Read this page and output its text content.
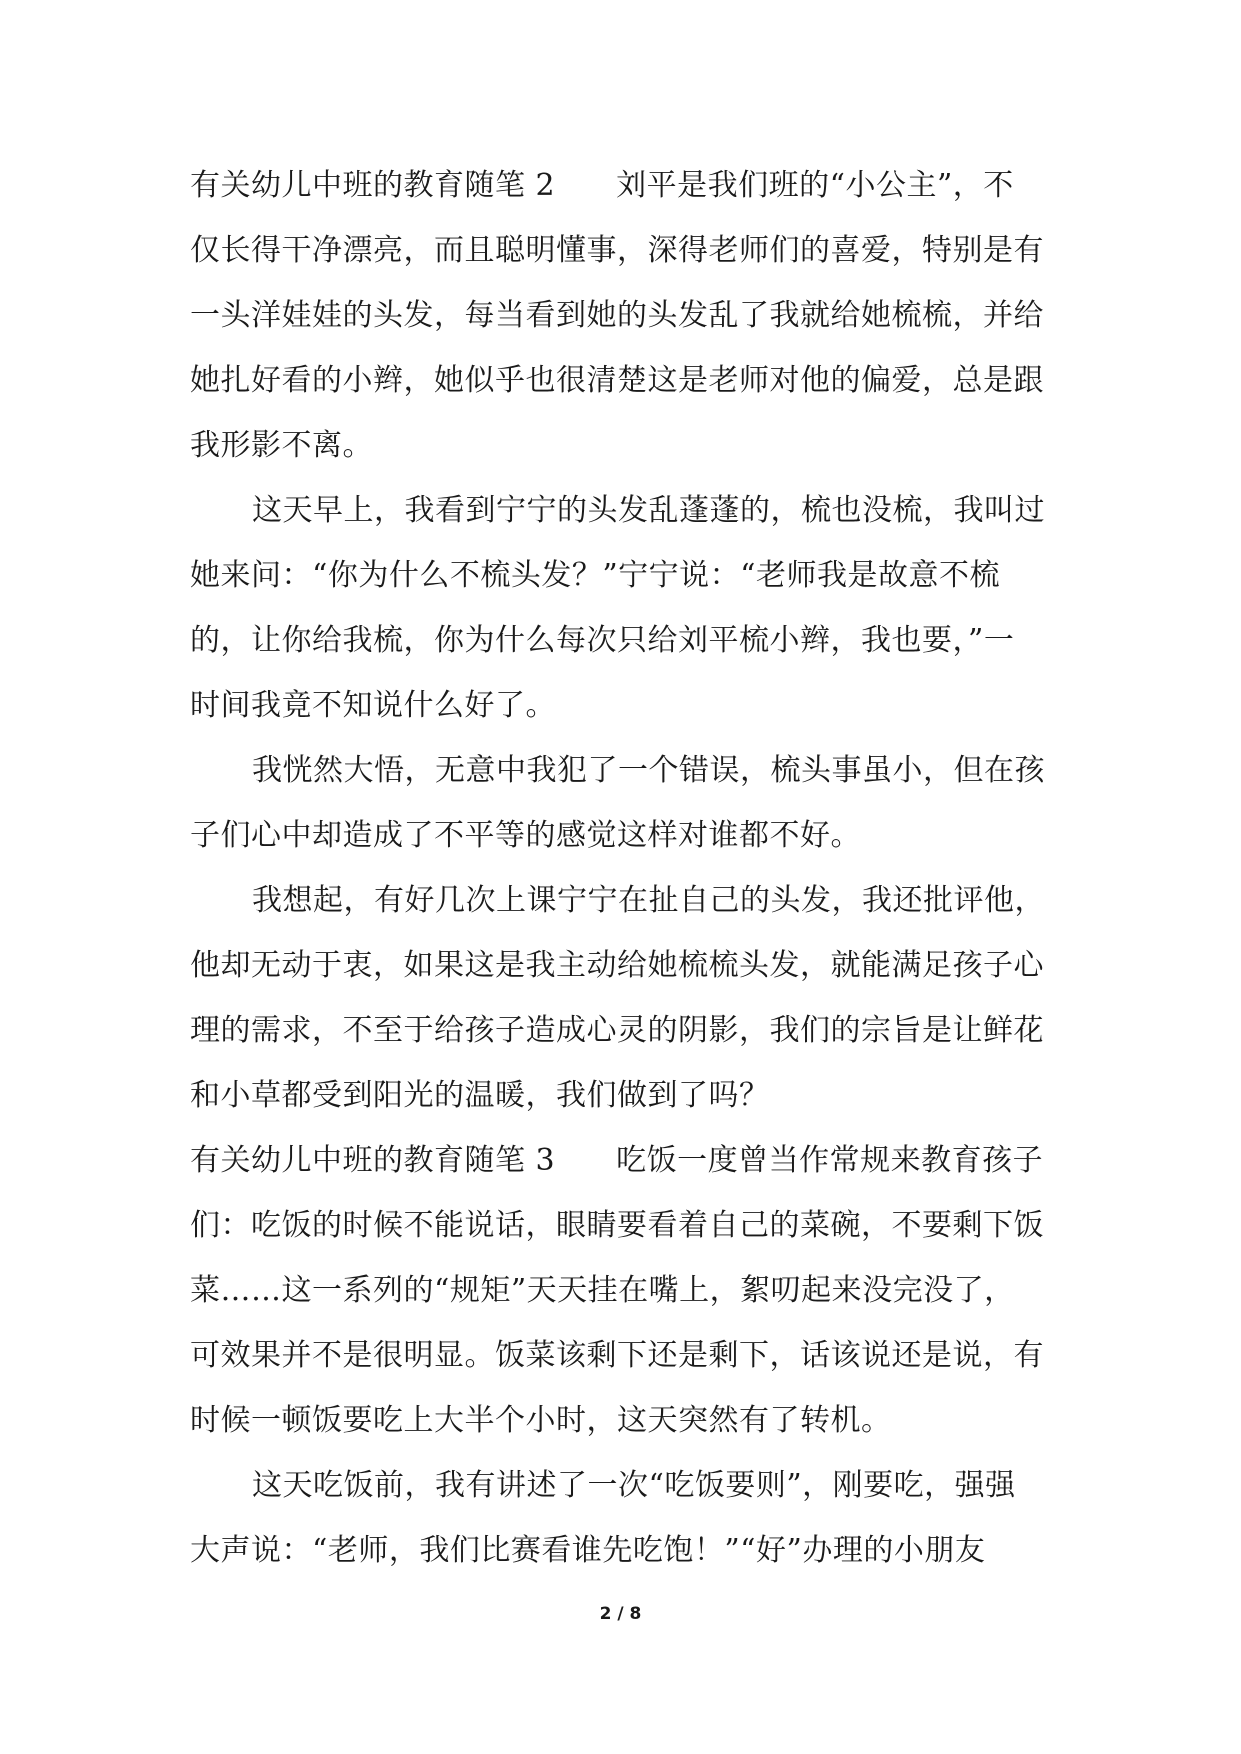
有关幼儿中班的教育随笔 2　　刘平是我们班的“小公主”，不
仅长得干净漂亮，而且聪明懂事，深得老师们的喜爱，特别是有
一头洋娃娃的头发，每当看到她的头发乱了我就给她梳梳，并给
她扎好看的小辫，她似乎也很清楚这是老师对他的偏爱，总是跟
我形影不离。
这天早上，我看到宁宁的头发乱蓬蓬的，梳也没梳，我叫过
她来问：“你为什么不梳头发？”宁宁说：“老师我是故意不梳
的，让你给我梳，你为什么每次只给刘平梳小辫，我也要，”一
时间我竟不知说什么好了。
我恍然大悟，无意中我犯了一个错误，梳头事虽小，但在孩
子们心中却造成了不平等的感觉这样对谁都不好。
我想起，有好几次上课宁宁在扯自己的头发，我还批评他，
他却无动于衷，如果这是我主动给她梳梳头发，就能满足孩子心
理的需求，不至于给孩子造成心灵的阴影，我们的宗旨是让鲜花
和小草都受到阳光的温暖，我们做到了吗？
有关幼儿中班的教育随笔 3　　吃饭一度曾当作常规来教育孩子
们：吃饭的时候不能说话，眼睛要看着自己的菜碗，不要剩下饭
菜……这一系列的“规矩”天天挂在嘴上，絮叨起来没完没了，
可效果并不是很明显。饭菜该剩下还是剩下，话该说还是说，有
时候一顿饭要吃上大半个小时，这天突然有了转机。
这天吃饭前，我有讲述了一次“吃饭要则”，刚要吃，强强
大声说：“老师，我们比赛看谁先吃饱！”“好”办理的小朋友
2 / 8
